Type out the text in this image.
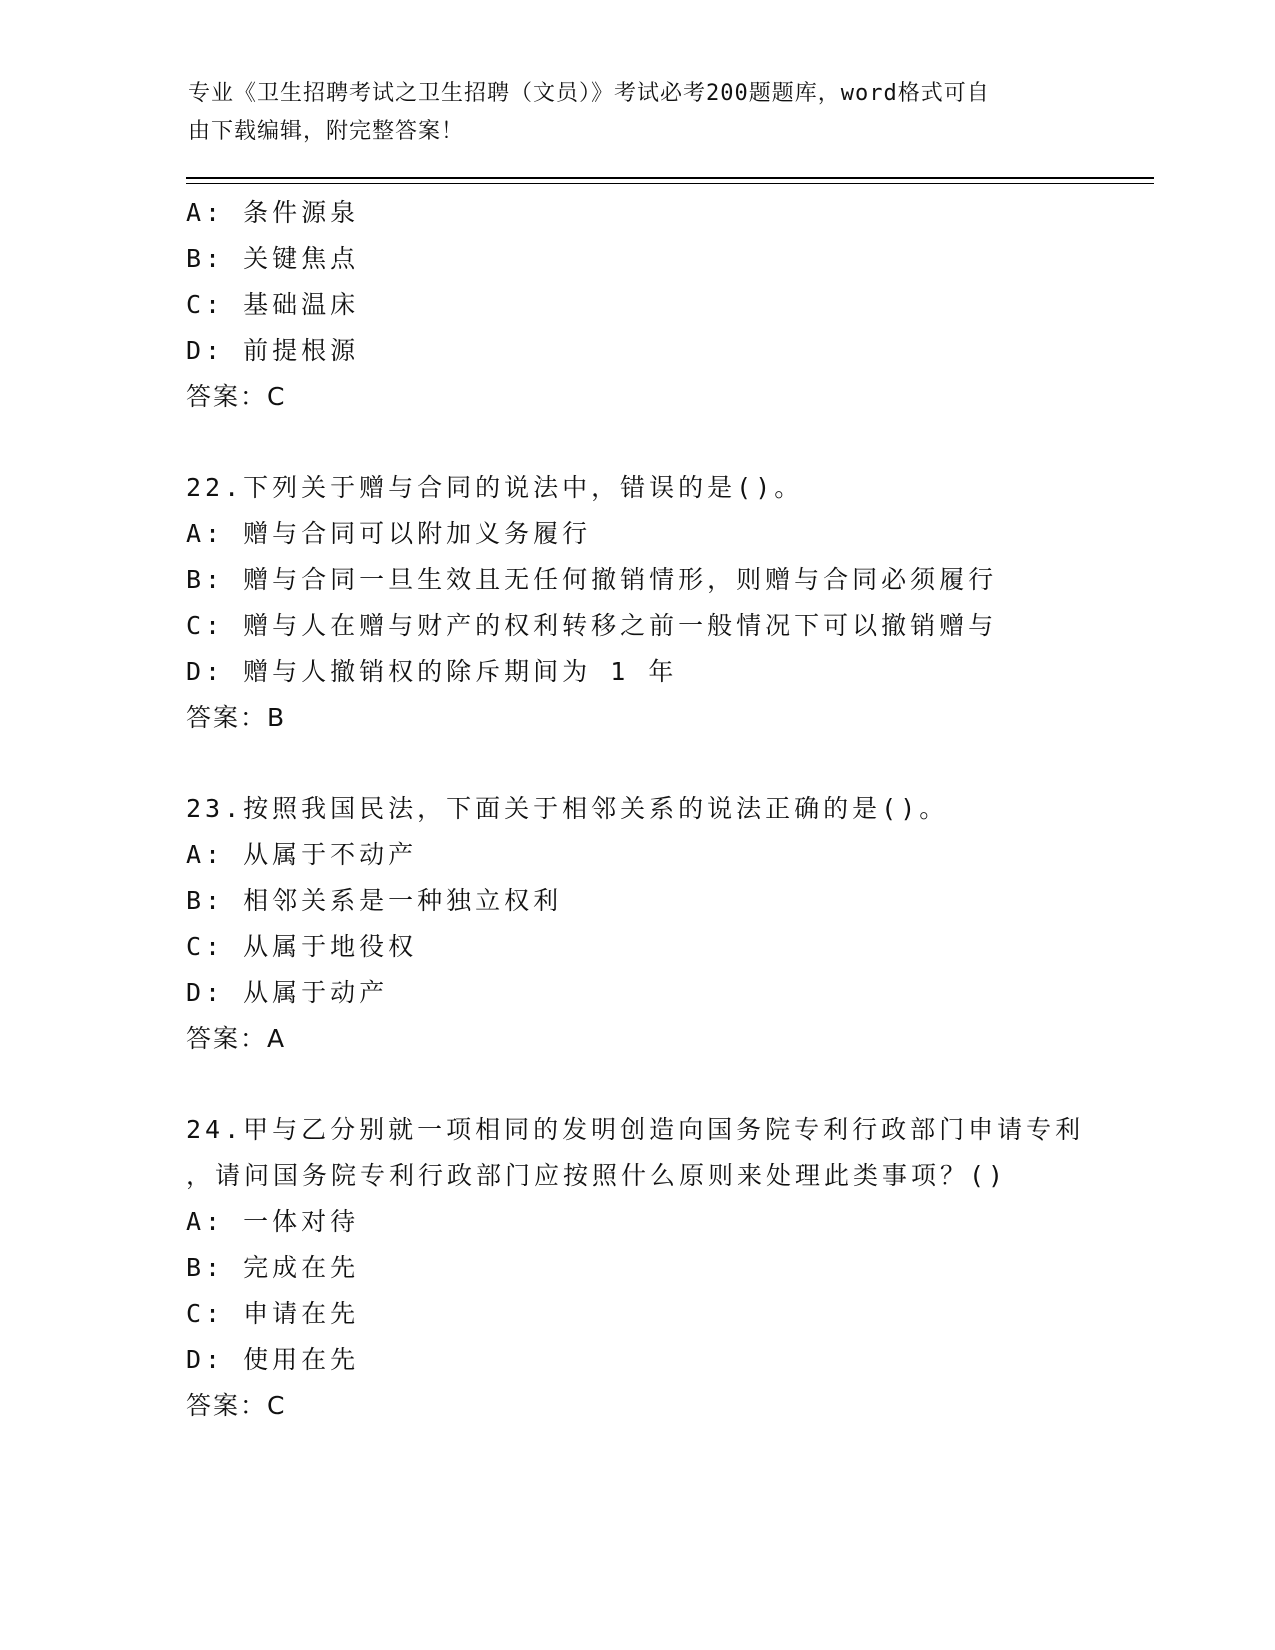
专业《卫生招聘考试之卫生招聘（文员）》考试必考200题题库，word格式可自
由下载编辑，附完整答案！
A: 条件源泉
B: 关键焦点
C: 基础温床
D: 前提根源
答案：C
22.下列关于赠与合同的说法中，错误的是()。
A: 赠与合同可以附加义务履行
B: 赠与合同一旦生效且无任何撤销情形，则赠与合同必须履行
C: 赠与人在赠与财产的权利转移之前一般情况下可以撤销赠与
D: 赠与人撤销权的除斥期间为 1 年
答案：B
23.按照我国民法，下面关于相邻关系的说法正确的是()。
A: 从属于不动产
B: 相邻关系是一种独立权利
C: 从属于地役权
D: 从属于动产
答案：A
24.甲与乙分别就一项相同的发明创造向国务院专利行政部门申请专利
，请问国务院专利行政部门应按照什么原则来处理此类事项？()
A: 一体对待
B: 完成在先
C: 申请在先
D: 使用在先
答案：C
